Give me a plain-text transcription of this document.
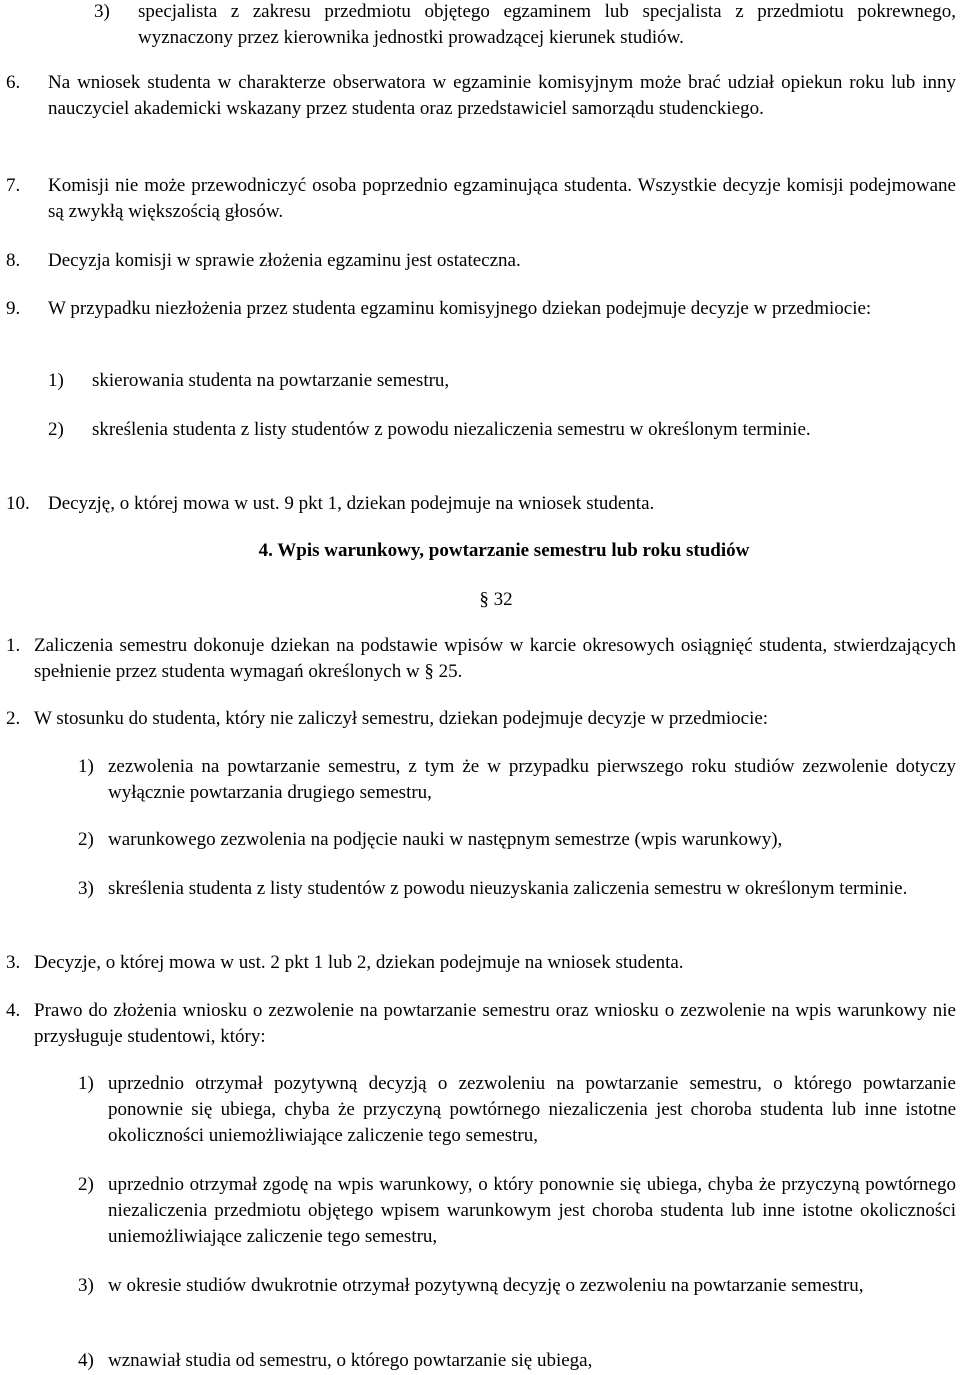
3)	specjalista z zakresu przedmiotu objętego egzaminem lub specjalista z przedmiotu pokrewnego, wyznaczony przez kierownika jednostki prowadzącej kierunek studiów.
6.	Na wniosek studenta w charakterze obserwatora w egzaminie komisyjnym może brać udział opiekun roku lub inny nauczyciel akademicki wskazany przez studenta oraz przedstawiciel samorządu studenckiego.
7.	Komisji nie może przewodniczyć osoba poprzednio egzaminująca studenta. Wszystkie decyzje komisji podejmowane są zwykłą większością głosów.
8.	Decyzja komisji w sprawie złożenia egzaminu jest ostateczna.
9.	W przypadku niezłożenia przez studenta egzaminu komisyjnego dziekan podejmuje decyzje w przedmiocie:
1)	skierowania studenta na powtarzanie semestru,
2)	skreślenia studenta z listy studentów z powodu niezaliczenia semestru w określonym terminie.
10. Decyzję, o której mowa w ust. 9 pkt 1, dziekan podejmuje na wniosek studenta.
4. Wpis warunkowy, powtarzanie semestru lub roku studiów
§ 32
1. Zaliczenia semestru dokonuje dziekan na podstawie wpisów w karcie okresowych osiągnięć studenta, stwierdzających spełnienie przez studenta wymagań określonych w § 25.
2. W stosunku do studenta, który nie zaliczył semestru, dziekan podejmuje decyzje w przedmiocie:
1) zezwolenia na powtarzanie semestru, z tym że w przypadku pierwszego roku studiów zezwolenie dotyczy wyłącznie powtarzania drugiego semestru,
2) warunkowego zezwolenia na podjęcie nauki w następnym semestrze (wpis warunkowy),
3) skreślenia studenta z listy studentów z powodu nieuzyskania zaliczenia semestru w określonym terminie.
3. Decyzje, o której mowa w ust. 2 pkt 1 lub 2, dziekan podejmuje na wniosek studenta.
4. Prawo do złożenia wniosku o zezwolenie na powtarzanie semestru oraz wniosku o zezwolenie na wpis warunkowy nie przysługuje studentowi, który:
1) uprzednio otrzymał pozytywną decyzją o zezwoleniu na powtarzanie semestru, o którego powtarzanie ponownie się ubiega, chyba że przyczyną powtórnego niezaliczenia jest choroba studenta lub inne istotne okoliczności uniemożliwiające zaliczenie tego semestru,
2) uprzednio otrzymał zgodę na wpis warunkowy, o który ponownie się ubiega, chyba że przyczyną powtórnego niezaliczenia przedmiotu objętego wpisem warunkowym jest choroba studenta lub inne istotne okoliczności uniemożliwiające zaliczenie tego semestru,
3) w okresie studiów dwukrotnie otrzymał pozytywną decyzję o zezwoleniu na powtarzanie semestru,
4) wznawiał studia od semestru, o którego powtarzanie się ubiega,
